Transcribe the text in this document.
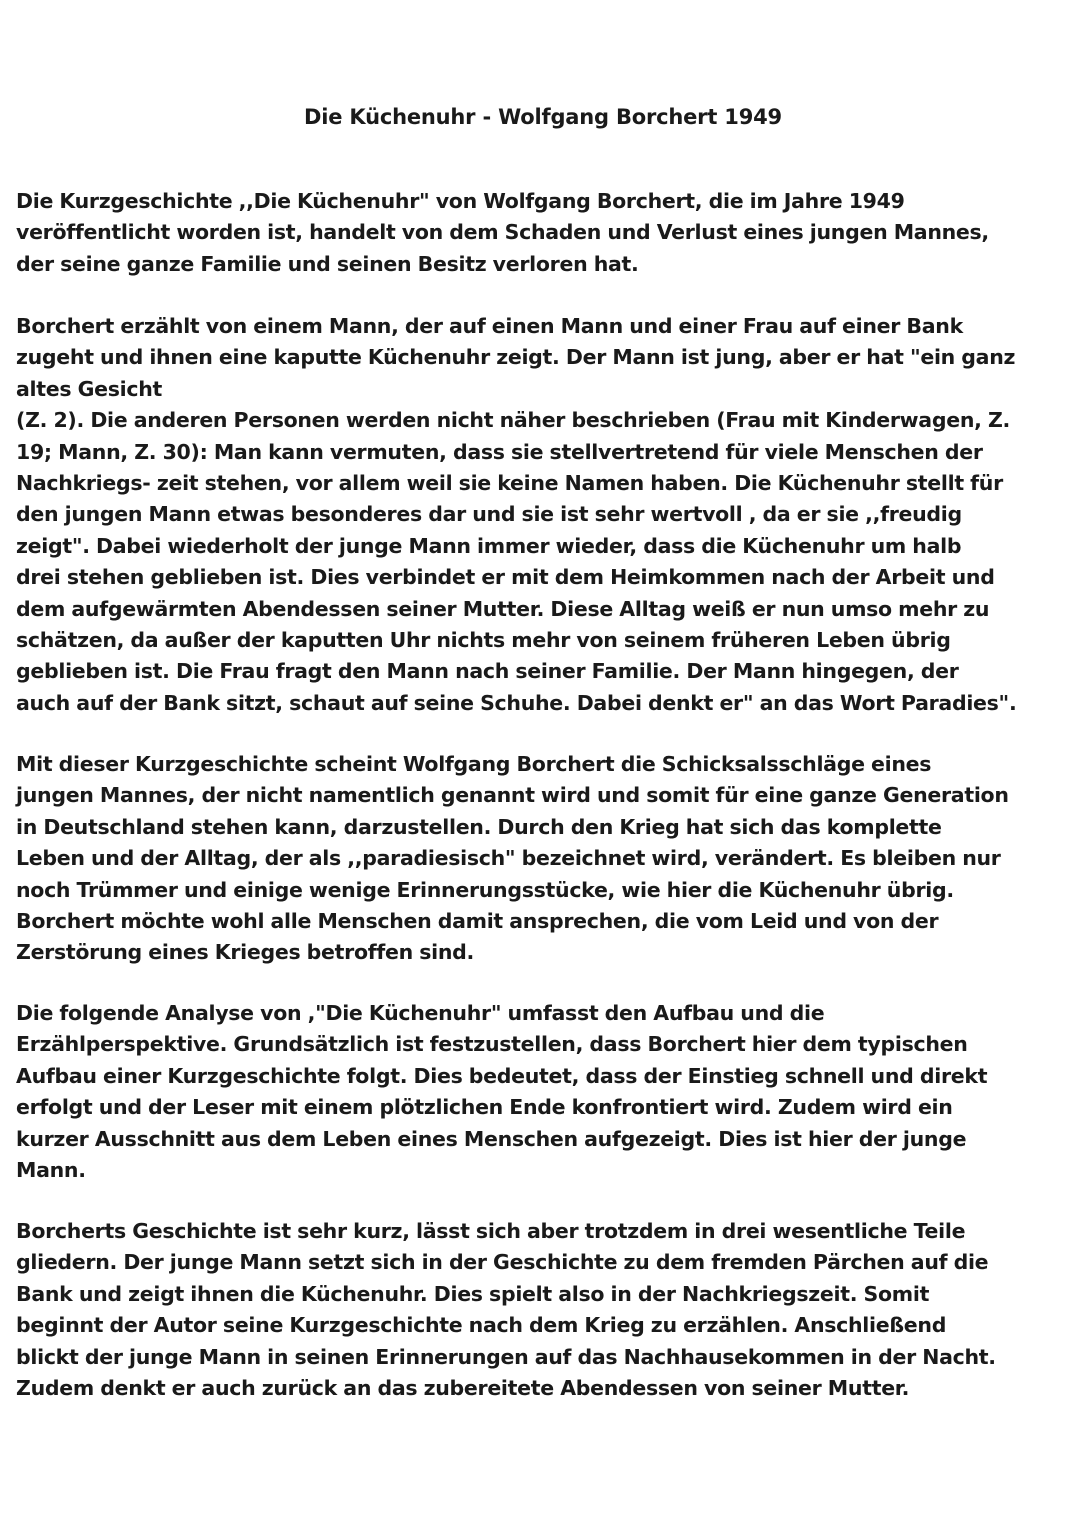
Die Küchenuhr - Wolfgang Borchert 1949
Die Kurzgeschichte ,,Die Küchenuhr" von Wolfgang Borchert, die im Jahre 1949
veröffentlicht worden ist, handelt von dem Schaden und Verlust eines jungen Mannes,
der seine ganze Familie und seinen Besitz verloren hat.
Borchert erzählt von einem Mann, der auf einen Mann und einer Frau auf einer Bank
zugeht und ihnen eine kaputte Küchenuhr zeigt. Der Mann ist jung, aber er hat "ein ganz
altes Gesicht
(Z. 2). Die anderen Personen werden nicht näher beschrieben (Frau mit Kinderwagen, Z.
19; Mann, Z. 30): Man kann vermuten, dass sie stellvertretend für viele Menschen der
Nachkriegs- zeit stehen, vor allem weil sie keine Namen haben. Die Küchenuhr stellt für
den jungen Mann etwas besonderes dar und sie ist sehr wertvoll , da er sie ,,freudig
zeigt". Dabei wiederholt der junge Mann immer wieder, dass die Küchenuhr um halb
drei stehen geblieben ist. Dies verbindet er mit dem Heimkommen nach der Arbeit und
dem aufgewärmten Abendessen seiner Mutter. Diese Alltag weiß er nun umso mehr zu
schätzen, da außer der kaputten Uhr nichts mehr von seinem früheren Leben übrig
geblieben ist. Die Frau fragt den Mann nach seiner Familie. Der Mann hingegen, der
auch auf der Bank sitzt, schaut auf seine Schuhe. Dabei denkt er" an das Wort Paradies".
Mit dieser Kurzgeschichte scheint Wolfgang Borchert die Schicksalsschläge eines
jungen Mannes, der nicht namentlich genannt wird und somit für eine ganze Generation
in Deutschland stehen kann, darzustellen. Durch den Krieg hat sich das komplette
Leben und der Alltag, der als ,,paradiesisch" bezeichnet wird, verändert. Es bleiben nur
noch Trümmer und einige wenige Erinnerungsstücke, wie hier die Küchenuhr übrig.
Borchert möchte wohl alle Menschen damit ansprechen, die vom Leid und von der
Zerstörung eines Krieges betroffen sind.
Die folgende Analyse von ,"Die Küchenuhr" umfasst den Aufbau und die
Erzählperspektive. Grundsätzlich ist festzustellen, dass Borchert hier dem typischen
Aufbau einer Kurzgeschichte folgt. Dies bedeutet, dass der Einstieg schnell und direkt
erfolgt und der Leser mit einem plötzlichen Ende konfrontiert wird. Zudem wird ein
kurzer Ausschnitt aus dem Leben eines Menschen aufgezeigt. Dies ist hier der junge
Mann.
Borcherts Geschichte ist sehr kurz, lässt sich aber trotzdem in drei wesentliche Teile
gliedern. Der junge Mann setzt sich in der Geschichte zu dem fremden Pärchen auf die
Bank und zeigt ihnen die Küchenuhr. Dies spielt also in der Nachkriegszeit. Somit
beginnt der Autor seine Kurzgeschichte nach dem Krieg zu erzählen. Anschließend
blickt der junge Mann in seinen Erinnerungen auf das Nachhausekommen in der Nacht.
Zudem denkt er auch zurück an das zubereitete Abendessen von seiner Mutter.
